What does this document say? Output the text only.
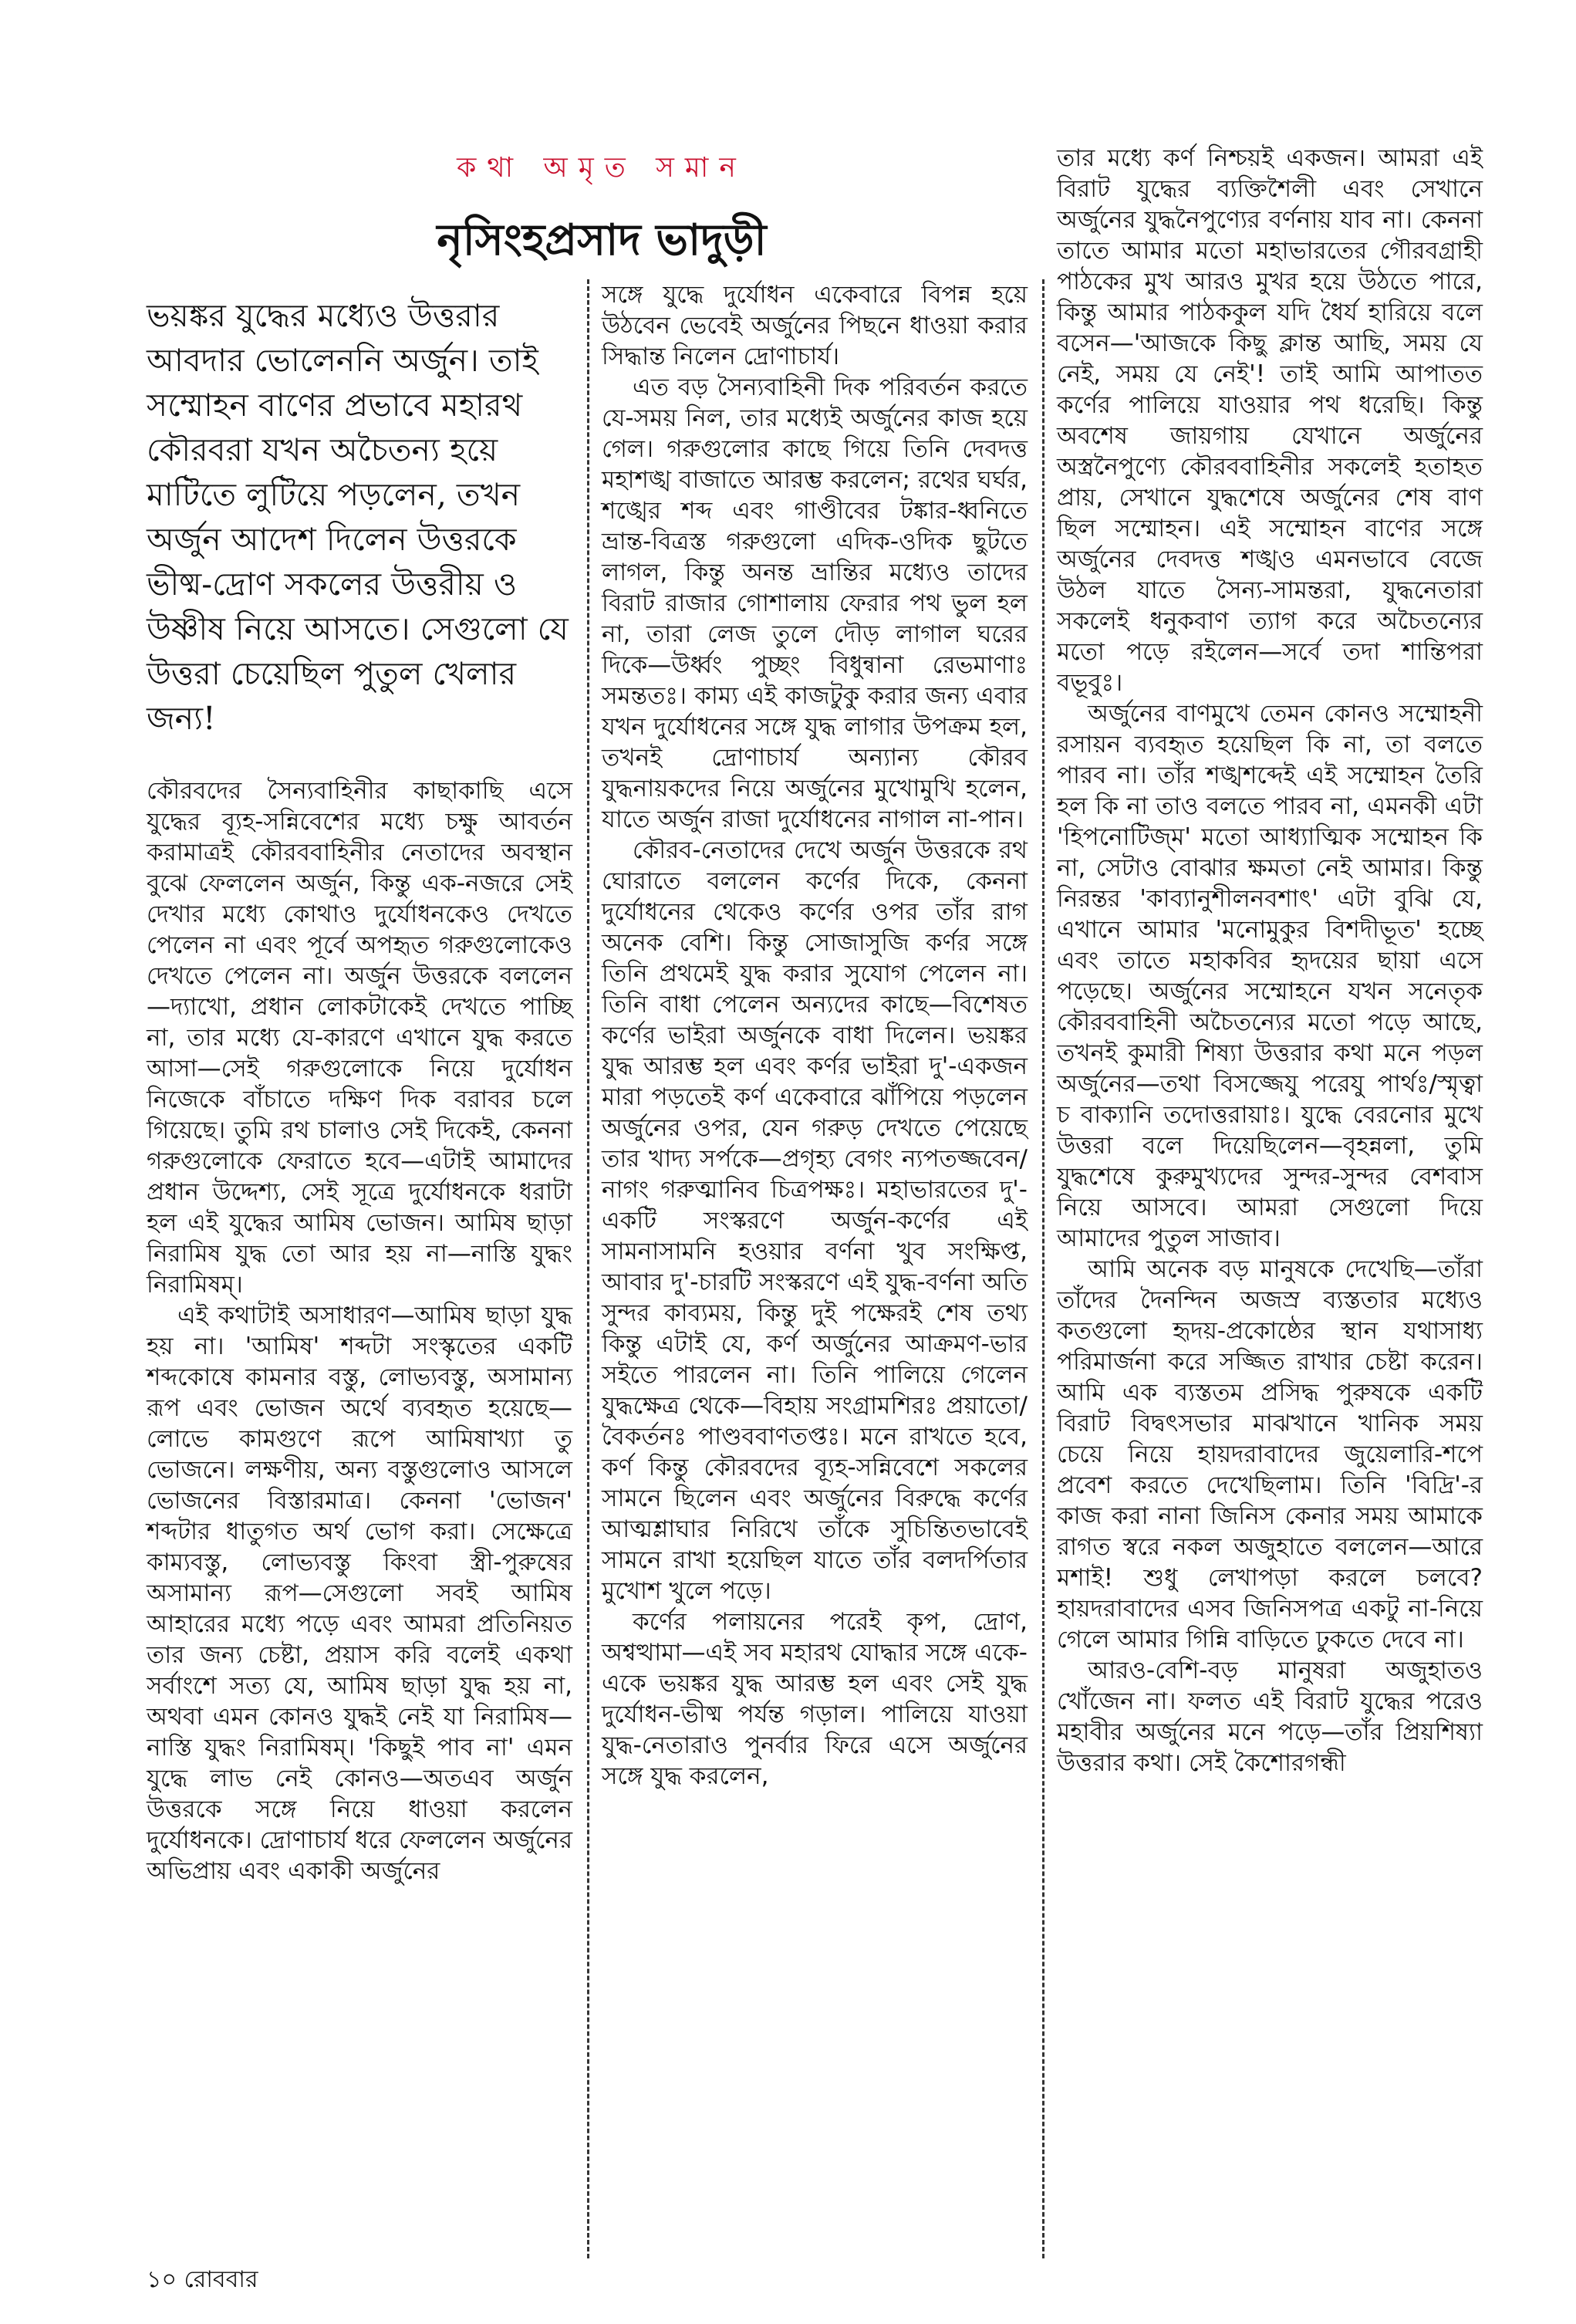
কথা অমৃত সমান

নৃসিংহপ্রসাদ ভাদুড়ী

ভয়ঙ্কর যুদ্ধের মধ্যেও উত্তরার আবদার ভোলেননি অর্জুন। তাই সম্মোহন বাণের প্রভাবে মহারথ কৌরবরা যখন অচৈতন্য হয়ে মাটিতে লুটিয়ে পড়লেন, তখন অর্জুন আদেশ দিলেন উত্তরকে ভীষ্ম-দ্রোণ সকলের উত্তরীয় ও উষ্ণীষ নিয়ে আসতে। সেগুলো যে উত্তরা চেয়েছিল পুতুল খেলার জন্য!

কৌরবদের সৈন্যবাহিনীর কাছাকাছি এসে যুদ্ধের ব্যূহ-সন্নিবেশের মধ্যে চক্ষু আবর্তন করামাত্রই কৌরববাহিনীর নেতাদের অবস্থান বুঝে ফেললেন অর্জুন, কিন্তু এক-নজরে সেই দেখার মধ্যে কোথাও দুর্যোধনকেও দেখতে পেলেন না এবং পূর্বে অপহৃত গরুগুলোকেও দেখতে পেলেন না। অর্জুন উত্তরকে বললেন—দ্যাখো, প্রধান লোকটাকেই দেখতে পাচ্ছি না, তার মধ্যে যে-কারণে এখানে যুদ্ধ করতে আসা—সেই গরুগুলোকে নিয়ে দুর্যোধন নিজেকে বাঁচাতে দক্ষিণ দিক বরাবর চলে গিয়েছে। তুমি রথ চালাও সেই দিকেই, কেননা গরুগুলোকে ফেরাতে হবে—এটাই আমাদের প্রধান উদ্দেশ্য, সেই সূত্রে দুর্যোধনকে ধরাটা হল এই যুদ্ধের আমিষ ভোজন। আমিষ ছাড়া নিরামিষ যুদ্ধ তো আর হয় না—নাস্তি যুদ্ধং নিরামিষম্।

এই কথাটাই অসাধারণ—আমিষ ছাড়া যুদ্ধ হয় না। 'আমিষ' শব্দটা সংস্কৃতের একটি শব্দকোষে কামনার বস্তু, লোভ্যবস্তু, অসামান্য রূপ এবং ভোজন অর্থে ব্যবহৃত হয়েছে—লোভে কামগুণে রূপে আমিষাখ্যা তু ভোজনে। লক্ষণীয়, অন্য বস্তুগুলোও আসলে ভোজনের বিস্তারমাত্র। কেননা 'ভোজন' শব্দটার ধাতুগত অর্থ ভোগ করা। সেক্ষেত্রে কাম্যবস্তু, লোভ্যবস্তু কিংবা স্ত্রী-পুরুষের অসামান্য রূপ—সেগুলো সবই আমিষ আহারের মধ্যে পড়ে এবং আমরা প্রতিনিয়ত তার জন্য চেষ্টা, প্রয়াস করি বলেই একথা সর্বাংশে সত্য যে, আমিষ ছাড়া যুদ্ধ হয় না, অথবা এমন কোনও যুদ্ধই নেই যা নিরামিষ—নাস্তি যুদ্ধং নিরামিষম্। 'কিছুই পাব না' এমন যুদ্ধে লাভ নেই কোনও—অতএব অর্জুন উত্তরকে সঙ্গে নিয়ে ধাওয়া করলেন দুর্যোধনকে। দ্রোণাচার্য ধরে ফেললেন অর্জুনের অভিপ্রায় এবং একাকী অর্জুনের

সঙ্গে যুদ্ধে দুর্যোধন একেবারে বিপন্ন হয়ে উঠবেন ভেবেই অর্জুনের পিছনে ধাওয়া করার সিদ্ধান্ত নিলেন দ্রোণাচার্য।

এত বড় সৈন্যবাহিনী দিক পরিবর্তন করতে যে-সময় নিল, তার মধ্যেই অর্জুনের কাজ হয়ে গেল। গরুগুলোর কাছে গিয়ে তিনি দেবদত্ত মহাশঙ্খ বাজাতে আরম্ভ করলেন; রথের ঘর্ঘর, শঙ্খের শব্দ এবং গাণ্ডীবের টঙ্কার-ধ্বনিতে ভ্রান্ত-বিত্রস্ত গরুগুলো এদিক-ওদিক ছুটতে লাগল, কিন্তু অনন্ত ভ্রান্তির মধ্যেও তাদের বিরাট রাজার গোশালায় ফেরার পথ ভুল হল না, তারা লেজ তুলে দৌড় লাগাল ঘরের দিকে—উর্ধ্বং পুচ্ছং বিধুন্বানা রেভমাণাঃ সমন্ততঃ। কাম্য এই কাজটুকু করার জন্য এবার যখন দুর্যোধনের সঙ্গে যুদ্ধ লাগার উপক্রম হল, তখনই দ্রোণাচার্য অন্যান্য কৌরব যুদ্ধনায়কদের নিয়ে অর্জুনের মুখোমুখি হলেন, যাতে অর্জুন রাজা দুর্যোধনের নাগাল না-পান।

কৌরব-নেতাদের দেখে অর্জুন উত্তরকে রথ ঘোরাতে বললেন কর্ণের দিকে, কেননা দুর্যোধনের থেকেও কর্ণের ওপর তাঁর রাগ অনেক বেশি। কিন্তু সোজাসুজি কর্ণর সঙ্গে তিনি প্রথমেই যুদ্ধ করার সুযোগ পেলেন না। তিনি বাধা পেলেন অন্যদের কাছে—বিশেষত কর্ণের ভাইরা অর্জুনকে বাধা দিলেন। ভয়ঙ্কর যুদ্ধ আরম্ভ হল এবং কর্ণর ভাইরা দু'-একজন মারা পড়তেই কর্ণ একেবারে ঝাঁপিয়ে পড়লেন অর্জুনের ওপর, যেন গরুড় দেখতে পেয়েছে তার খাদ্য সর্পকে—প্রগৃহ্য বেগং ন্যপতজ্জবেন/নাগং গরুত্মানিব চিত্রপক্ষঃ। মহাভারতের দু'-একটি সংস্করণে অর্জুন-কর্ণের এই সামনাসামনি হওয়ার বর্ণনা খুব সংক্ষিপ্ত, আবার দু'-চারটি সংস্করণে এই যুদ্ধ-বর্ণনা অতি সুন্দর কাব্যময়, কিন্তু দুই পক্ষেরই শেষ তথ্য কিন্তু এটাই যে, কর্ণ অর্জুনের আক্রমণ-ভার সইতে পারলেন না। তিনি পালিয়ে গেলেন যুদ্ধক্ষেত্র থেকে—বিহায় সংগ্রামশিরঃ প্রয়াতো/বৈকর্তনঃ পাণ্ডববাণতপ্তঃ। মনে রাখতে হবে, কর্ণ কিন্তু কৌরবদের ব্যূহ-সন্নিবেশে সকলের সামনে ছিলেন এবং অর্জুনের বিরুদ্ধে কর্ণের আত্মশ্লাঘার নিরিখে তাঁকে সুচিন্তিতভাবেই সামনে রাখা হয়েছিল যাতে তাঁর বলদর্পিতার মুখোশ খুলে পড়ে।

কর্ণের পলায়নের পরেই কৃপ, দ্রোণ, অশ্বত্থামা—এই সব মহারথ যোদ্ধার সঙ্গে একে-একে ভয়ঙ্কর যুদ্ধ আরম্ভ হল এবং সেই যুদ্ধ দুর্যোধন-ভীষ্ম পর্যন্ত গড়াল। পালিয়ে যাওয়া যুদ্ধ-নেতারাও পুনর্বার ফিরে এসে অর্জুনের সঙ্গে যুদ্ধ করলেন,

তার মধ্যে কর্ণ নিশ্চয়ই একজন। আমরা এই বিরাট যুদ্ধের ব্যক্তিশৈলী এবং সেখানে অর্জুনের যুদ্ধনৈপুণ্যের বর্ণনায় যাব না। কেননা তাতে আমার মতো মহাভারতের গৌরবগ্রাহী পাঠকের মুখ আরও মুখর হয়ে উঠতে পারে, কিন্তু আমার পাঠককুল যদি ধৈর্য হারিয়ে বলে বসেন—'আজকে কিছু ক্লান্ত আছি, সময় যে নেই, সময় যে নেই'! তাই আমি আপাতত কর্ণের পালিয়ে যাওয়ার পথ ধরেছি। কিন্তু অবশেষ জায়গায় যেখানে অর্জুনের অস্ত্রনৈপুণ্যে কৌরববাহিনীর সকলেই হতাহত প্রায়, সেখানে যুদ্ধশেষে অর্জুনের শেষ বাণ ছিল সম্মোহন। এই সম্মোহন বাণের সঙ্গে অর্জুনের দেবদত্ত শঙ্খও এমনভাবে বেজে উঠল যাতে সৈন্য-সামন্তরা, যুদ্ধনেতারা সকলেই ধনুকবাণ ত্যাগ করে অচৈতন্যের মতো পড়ে রইলেন—সর্বে তদা শান্তিপরা বভূবুঃ।

অর্জুনের বাণমুখে তেমন কোনও সম্মোহনী রসায়ন ব্যবহৃত হয়েছিল কি না, তা বলতে পারব না। তাঁর শঙ্খশব্দেই এই সম্মোহন তৈরি হল কি না তাও বলতে পারব না, এমনকী এটা 'হিপনোটিজ্ম' মতো আধ্যাত্মিক সম্মোহন কি না, সেটাও বোঝার ক্ষমতা নেই আমার। কিন্তু নিরন্তর 'কাব্যানুশীলনবশাৎ' এটা বুঝি যে, এখানে আমার 'মনোমুকুর বিশদীভূত' হচ্ছে এবং তাতে মহাকবির হৃদয়ের ছায়া এসে পড়েছে। অর্জুনের সম্মোহনে যখন সনেতৃক কৌরববাহিনী অচৈতন্যের মতো পড়ে আছে, তখনই কুমারী শিষ্যা উত্তরার কথা মনে পড়ল অর্জুনের—তথা বিসজ্জেযু পরেযু পার্থঃ/স্মৃত্বা চ বাক্যানি তদোত্তরায়াঃ। যুদ্ধে বেরনোর মুখে উত্তরা বলে দিয়েছিলেন—বৃহন্নলা, তুমি যুদ্ধশেষে কুরুমুখ্যদের সুন্দর-সুন্দর বেশবাস নিয়ে আসবে। আমরা সেগুলো দিয়ে আমাদের পুতুল সাজাব।

আমি অনেক বড় মানুষকে দেখেছি—তাঁরা তাঁদের দৈনন্দিন অজস্র ব্যস্ততার মধ্যেও কতগুলো হৃদয়-প্রকোষ্ঠের স্থান যথাসাধ্য পরিমার্জনা করে সজ্জিত রাখার চেষ্টা করেন। আমি এক ব্যস্ততম প্রসিদ্ধ পুরুষকে একটি বিরাট বিদ্বৎসভার মাঝখানে খানিক সময় চেয়ে নিয়ে হায়দরাবাদের জুয়েলারি-শপে প্রবেশ করতে দেখেছিলাম। তিনি 'বিদ্রি'-র কাজ করা নানা জিনিস কেনার সময় আমাকে রাগত স্বরে নকল অজুহাতে বললেন—আরে মশাই! শুধু লেখাপড়া করলে চলবে? হায়দরাবাদের এসব জিনিসপত্র একটু না-নিয়ে গেলে আমার গিন্নি বাড়িতে ঢুকতে দেবে না।

আরও-বেশি-বড় মানুষরা অজুহাতও খোঁজেন না। ফলত এই বিরাট যুদ্ধের পরেও মহাবীর অর্জুনের মনে পড়ে—তাঁর প্রিয়শিষ্যা উত্তরার কথা। সেই কৈশোরগন্ধী

১০ রোববার
